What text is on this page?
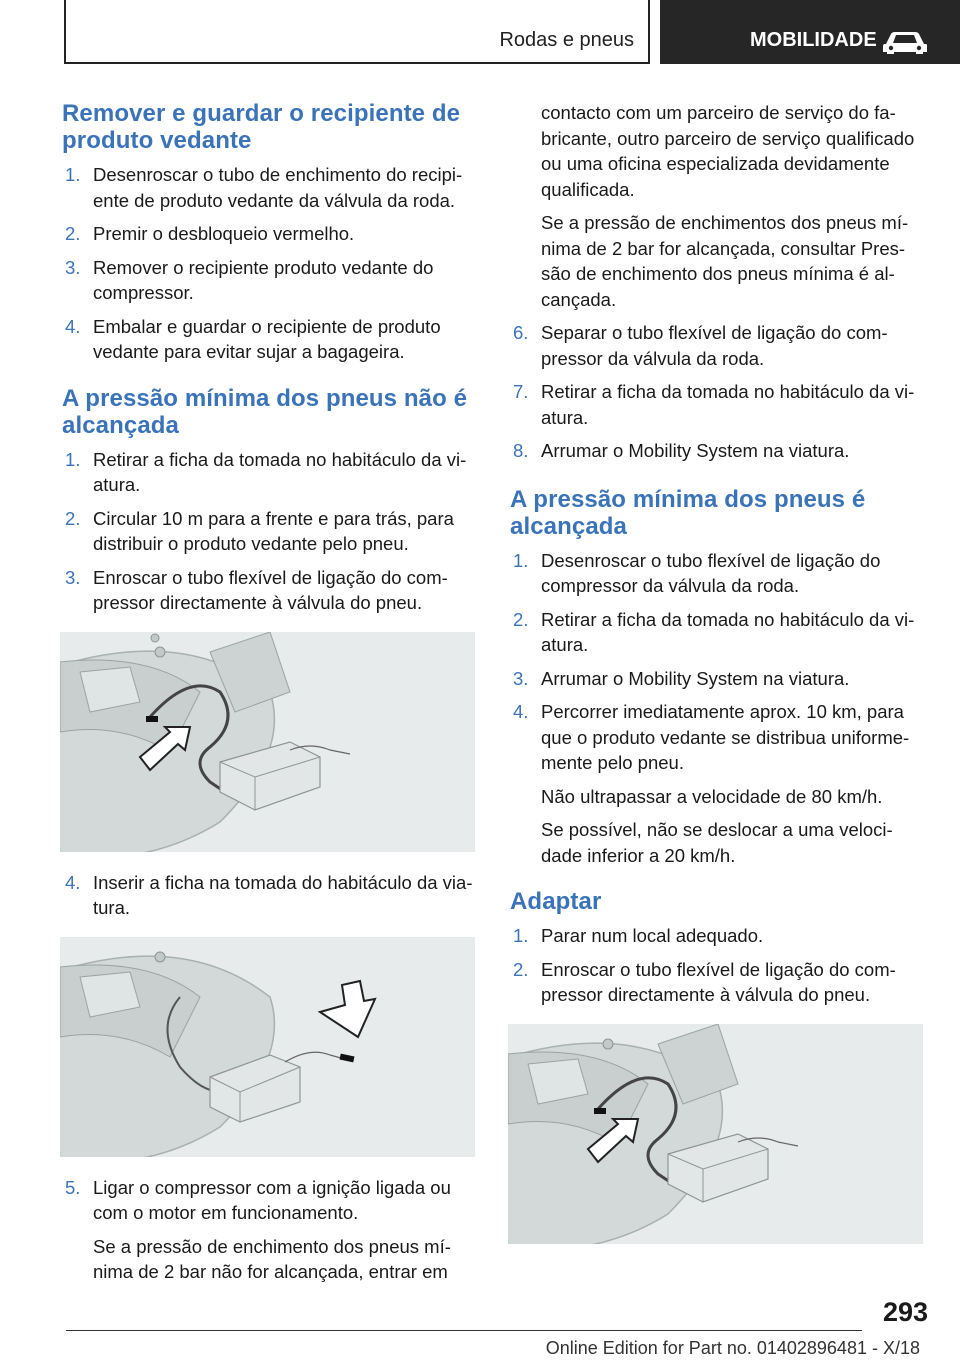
Rodas e pneus	MOBILIDADE
Remover e guardar o recipiente de produto vedante
1. Desenroscar o tubo de enchimento do recipiente de produto vedante da válvula da roda.

2. Premir o desbloqueio vermelho.

3. Remover o recipiente produto vedante do compressor.

4. Embalar e guardar o recipiente de produto vedante para evitar sujar a bagageira.

A pressão mínima dos pneus não é alcançada
1. Retirar a ficha da tomada no habitáculo da viatura.

2. Circular 10 m para a frente e para trás, para distribuir o produto vedante pelo pneu.

3. Enroscar o tubo flexível de ligação do compressor directamente à válvula do pneu.

4. Inserir a ficha na tomada do habitáculo da viatura.

5. Ligar o compressor com a ignição ligada ou com o motor em funcionamento.

Se a pressão de enchimento dos pneus mínima de 2 bar não for alcançada, entrar em

contacto com um parceiro de serviço do fabricante, outro parceiro de serviço qualificado ou uma oficina especializada devidamente qualificada.

Se a pressão de enchimentos dos pneus mínima de 2 bar for alcançada, consultar Pressão de enchimento dos pneus mínima é alcançada.

6. Separar o tubo flexível de ligação do compressor da válvula da roda.

7. Retirar a ficha da tomada no habitáculo da viatura.

8. Arrumar o Mobility System na viatura.

A pressão mínima dos pneus é alcançada
1. Desenroscar o tubo flexível de ligação do compressor da válvula da roda.

2. Retirar a ficha da tomada no habitáculo da viatura.

3. Arrumar o Mobility System na viatura.

4. Percorrer imediatamente aprox. 10 km, para que o produto vedante se distribua uniformemente pelo pneu.

Não ultrapassar a velocidade de 80 km/h.

Se possível, não se deslocar a uma velocidade inferior a 20 km/h.

Adaptar
1. Parar num local adequado.

2. Enroscar o tubo flexível de ligação do compressor directamente à válvula do pneu.

293
Online Edition for Part no. 01402896481 - X/18
